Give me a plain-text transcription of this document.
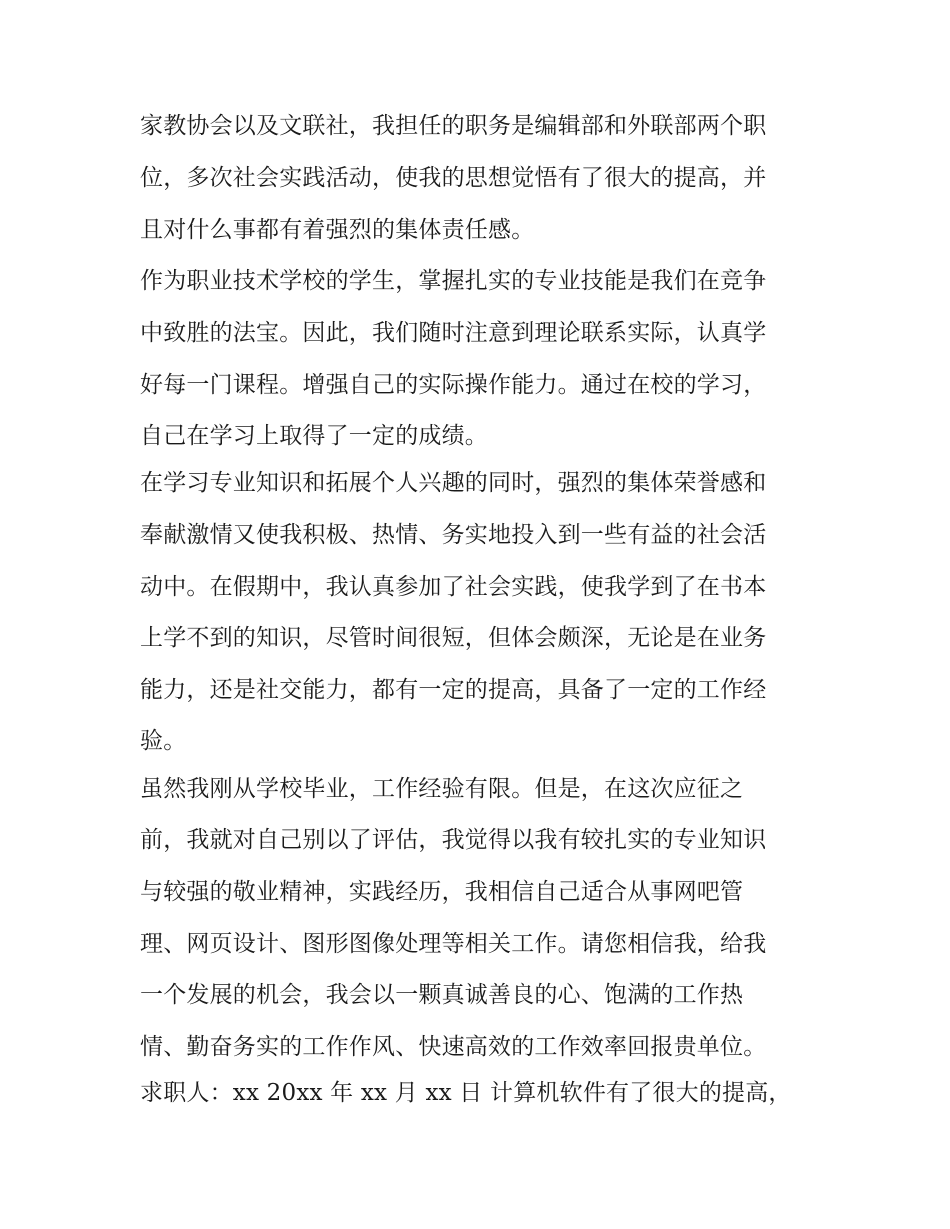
家教协会以及文联社，我担任的职务是编辑部和外联部两个职

位，多次社会实践活动，使我的思想觉悟有了很大的提高，并

且对什么事都有着强烈的集体责任感。

作为职业技术学校的学生，掌握扎实的专业技能是我们在竞争

中致胜的法宝。因此，我们随时注意到理论联系实际，认真学

好每一门课程。增强自己的实际操作能力。通过在校的学习，

自己在学习上取得了一定的成绩。

在学习专业知识和拓展个人兴趣的同时，强烈的集体荣誉感和

奉献激情又使我积极、热情、务实地投入到一些有益的社会活

动中。在假期中，我认真参加了社会实践，使我学到了在书本

上学不到的知识，尽管时间很短，但体会颇深，无论是在业务

能力，还是社交能力，都有一定的提高，具备了一定的工作经

验。

虽然我刚从学校毕业，工作经验有限。但是，在这次应征之

前，我就对自己别以了评估，我觉得以我有较扎实的专业知识

与较强的敬业精神，实践经历，我相信自己适合从事网吧管

理、网页设计、图形图像处理等相关工作。请您相信我，给我

一个发展的机会，我会以一颗真诚善良的心、饱满的工作热

情、勤奋务实的工作作风、快速高效的工作效率回报贵单位。

求职人：xx 20xx 年 xx 月 xx 日 计算机软件有了很大的提高，
